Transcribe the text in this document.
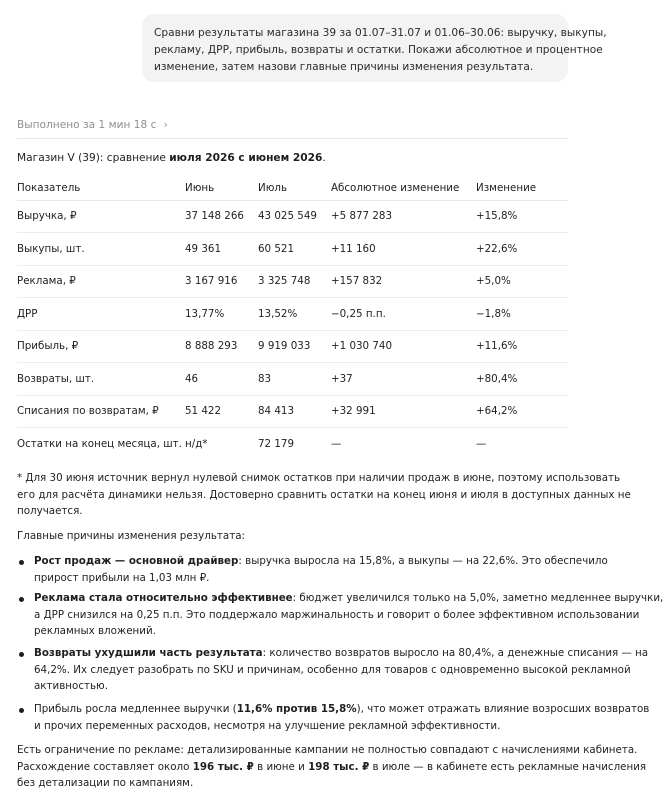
Сравни результаты магазина 39 за 01.07–31.07 и 01.06–30.06: выручку, выкупы,
рекламу, ДРР, прибыль, возвраты и остатки. Покажи абсолютное и процентное
изменение, затем назови главные причины изменения результата.
Выполнено за 1 мин 18 с ›
Магазин V (39): сравнение июля 2026 с июнем 2026.
Показатель	Июнь	Июль	Абсолютное изменение	Изменение
Выручка, ₽	37 148 266	43 025 549	+5 877 283	+15,8%
Выкупы, шт.	49 361	60 521	+11 160	+22,6%
Реклама, ₽	3 167 916	3 325 748	+157 832	+5,0%
ДРР	13,77%	13,52%	−0,25 п.п.	−1,8%
Прибыль, ₽	8 888 293	9 919 033	+1 030 740	+11,6%
Возвраты, шт.	46	83	+37	+80,4%
Списания по возвратам, ₽	51 422	84 413	+32 991	+64,2%
Остатки на конец месяца, шт.	н/д*	72 179	—	—
* Для 30 июня источник вернул нулевой снимок остатков при наличии продаж в июне, поэтому использовать
его для расчёта динамики нельзя. Достоверно сравнить остатки на конец июня и июля в доступных данных не
получается.
Главные причины изменения результата:
Рост продаж — основной драйвер: выручка выросла на 15,8%, а выкупы — на 22,6%. Это обеспечило
прирост прибыли на 1,03 млн ₽.
Реклама стала относительно эффективнее: бюджет увеличился только на 5,0%, заметно медленнее выручки,
а ДРР снизился на 0,25 п.п. Это поддержало маржинальность и говорит о более эффективном использовании
рекламных вложений.
Возвраты ухудшили часть результата: количество возвратов выросло на 80,4%, а денежные списания — на
64,2%. Их следует разобрать по SKU и причинам, особенно для товаров с одновременно высокой рекламной
активностью.
Прибыль росла медленнее выручки (11,6% против 15,8%), что может отражать влияние возросших возвратов
и прочих переменных расходов, несмотря на улучшение рекламной эффективности.
Есть ограничение по рекламе: детализированные кампании не полностью совпадают с начислениями кабинета.
Расхождение составляет около 196 тыс. ₽ в июне и 198 тыс. ₽ в июле — в кабинете есть рекламные начисления
без детализации по кампаниям.
